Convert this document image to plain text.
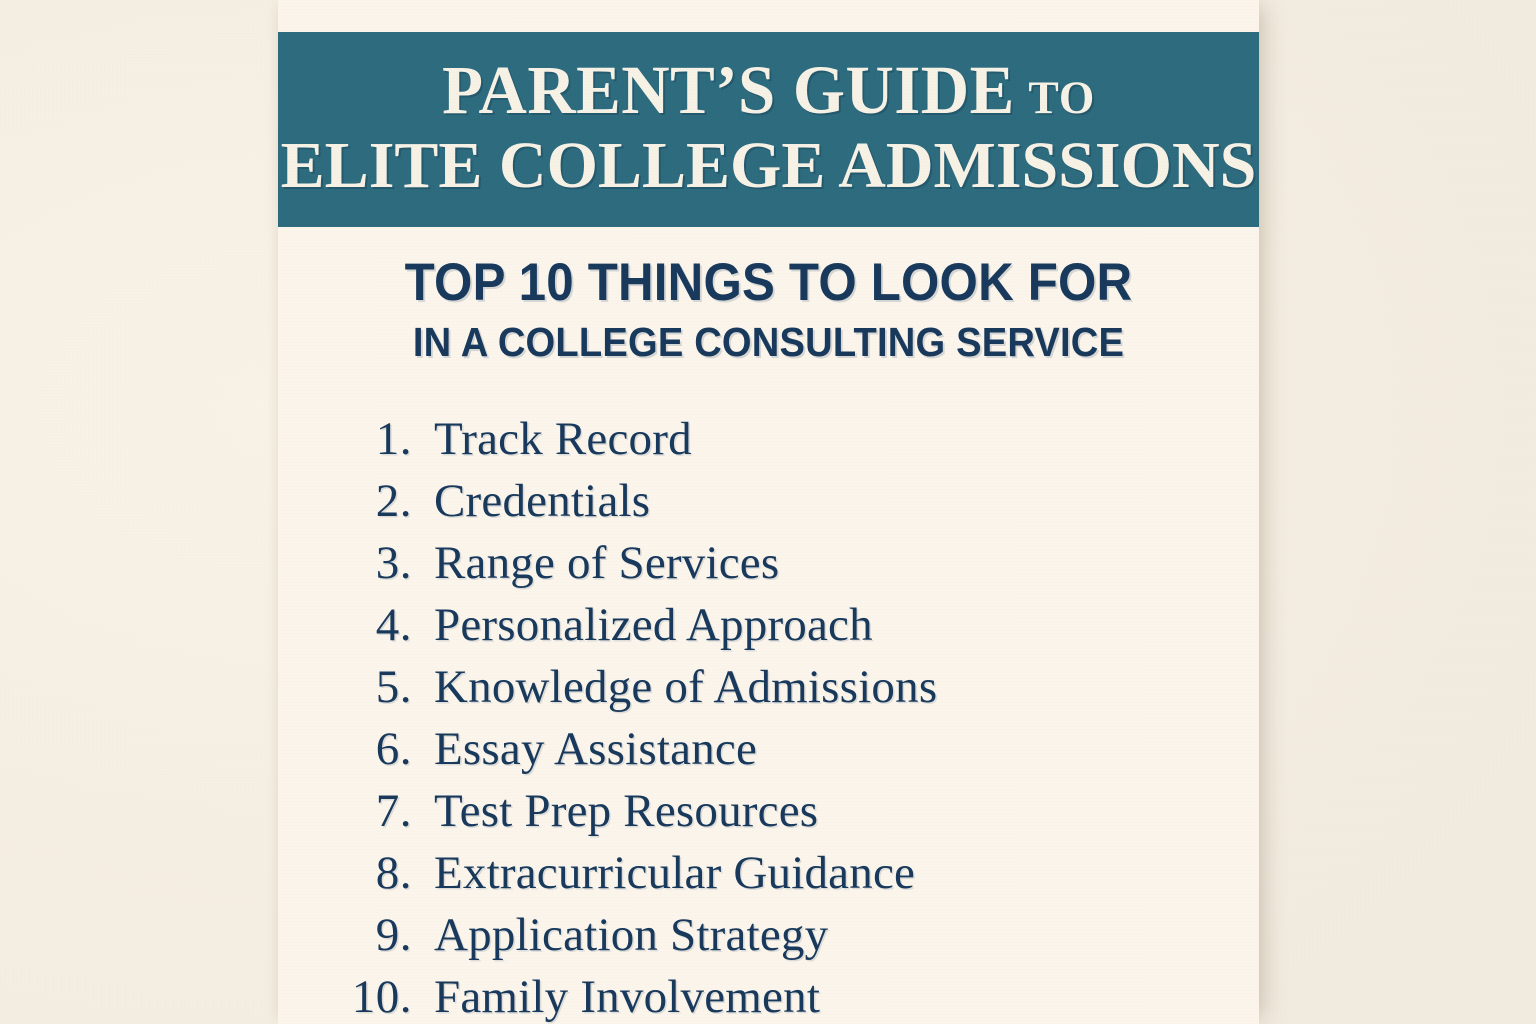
PARENT’S GUIDE TO
ELITE COLLEGE ADMISSIONS
TOP 10 THINGS TO LOOK FOR
IN A COLLEGE CONSULTING SERVICE
1. Track Record
2. Credentials
3. Range of Services
4. Personalized Approach
5. Knowledge of Admissions
6. Essay Assistance
7. Test Prep Resources
8. Extracurricular Guidance
9. Application Strategy
10. Family Involvement
